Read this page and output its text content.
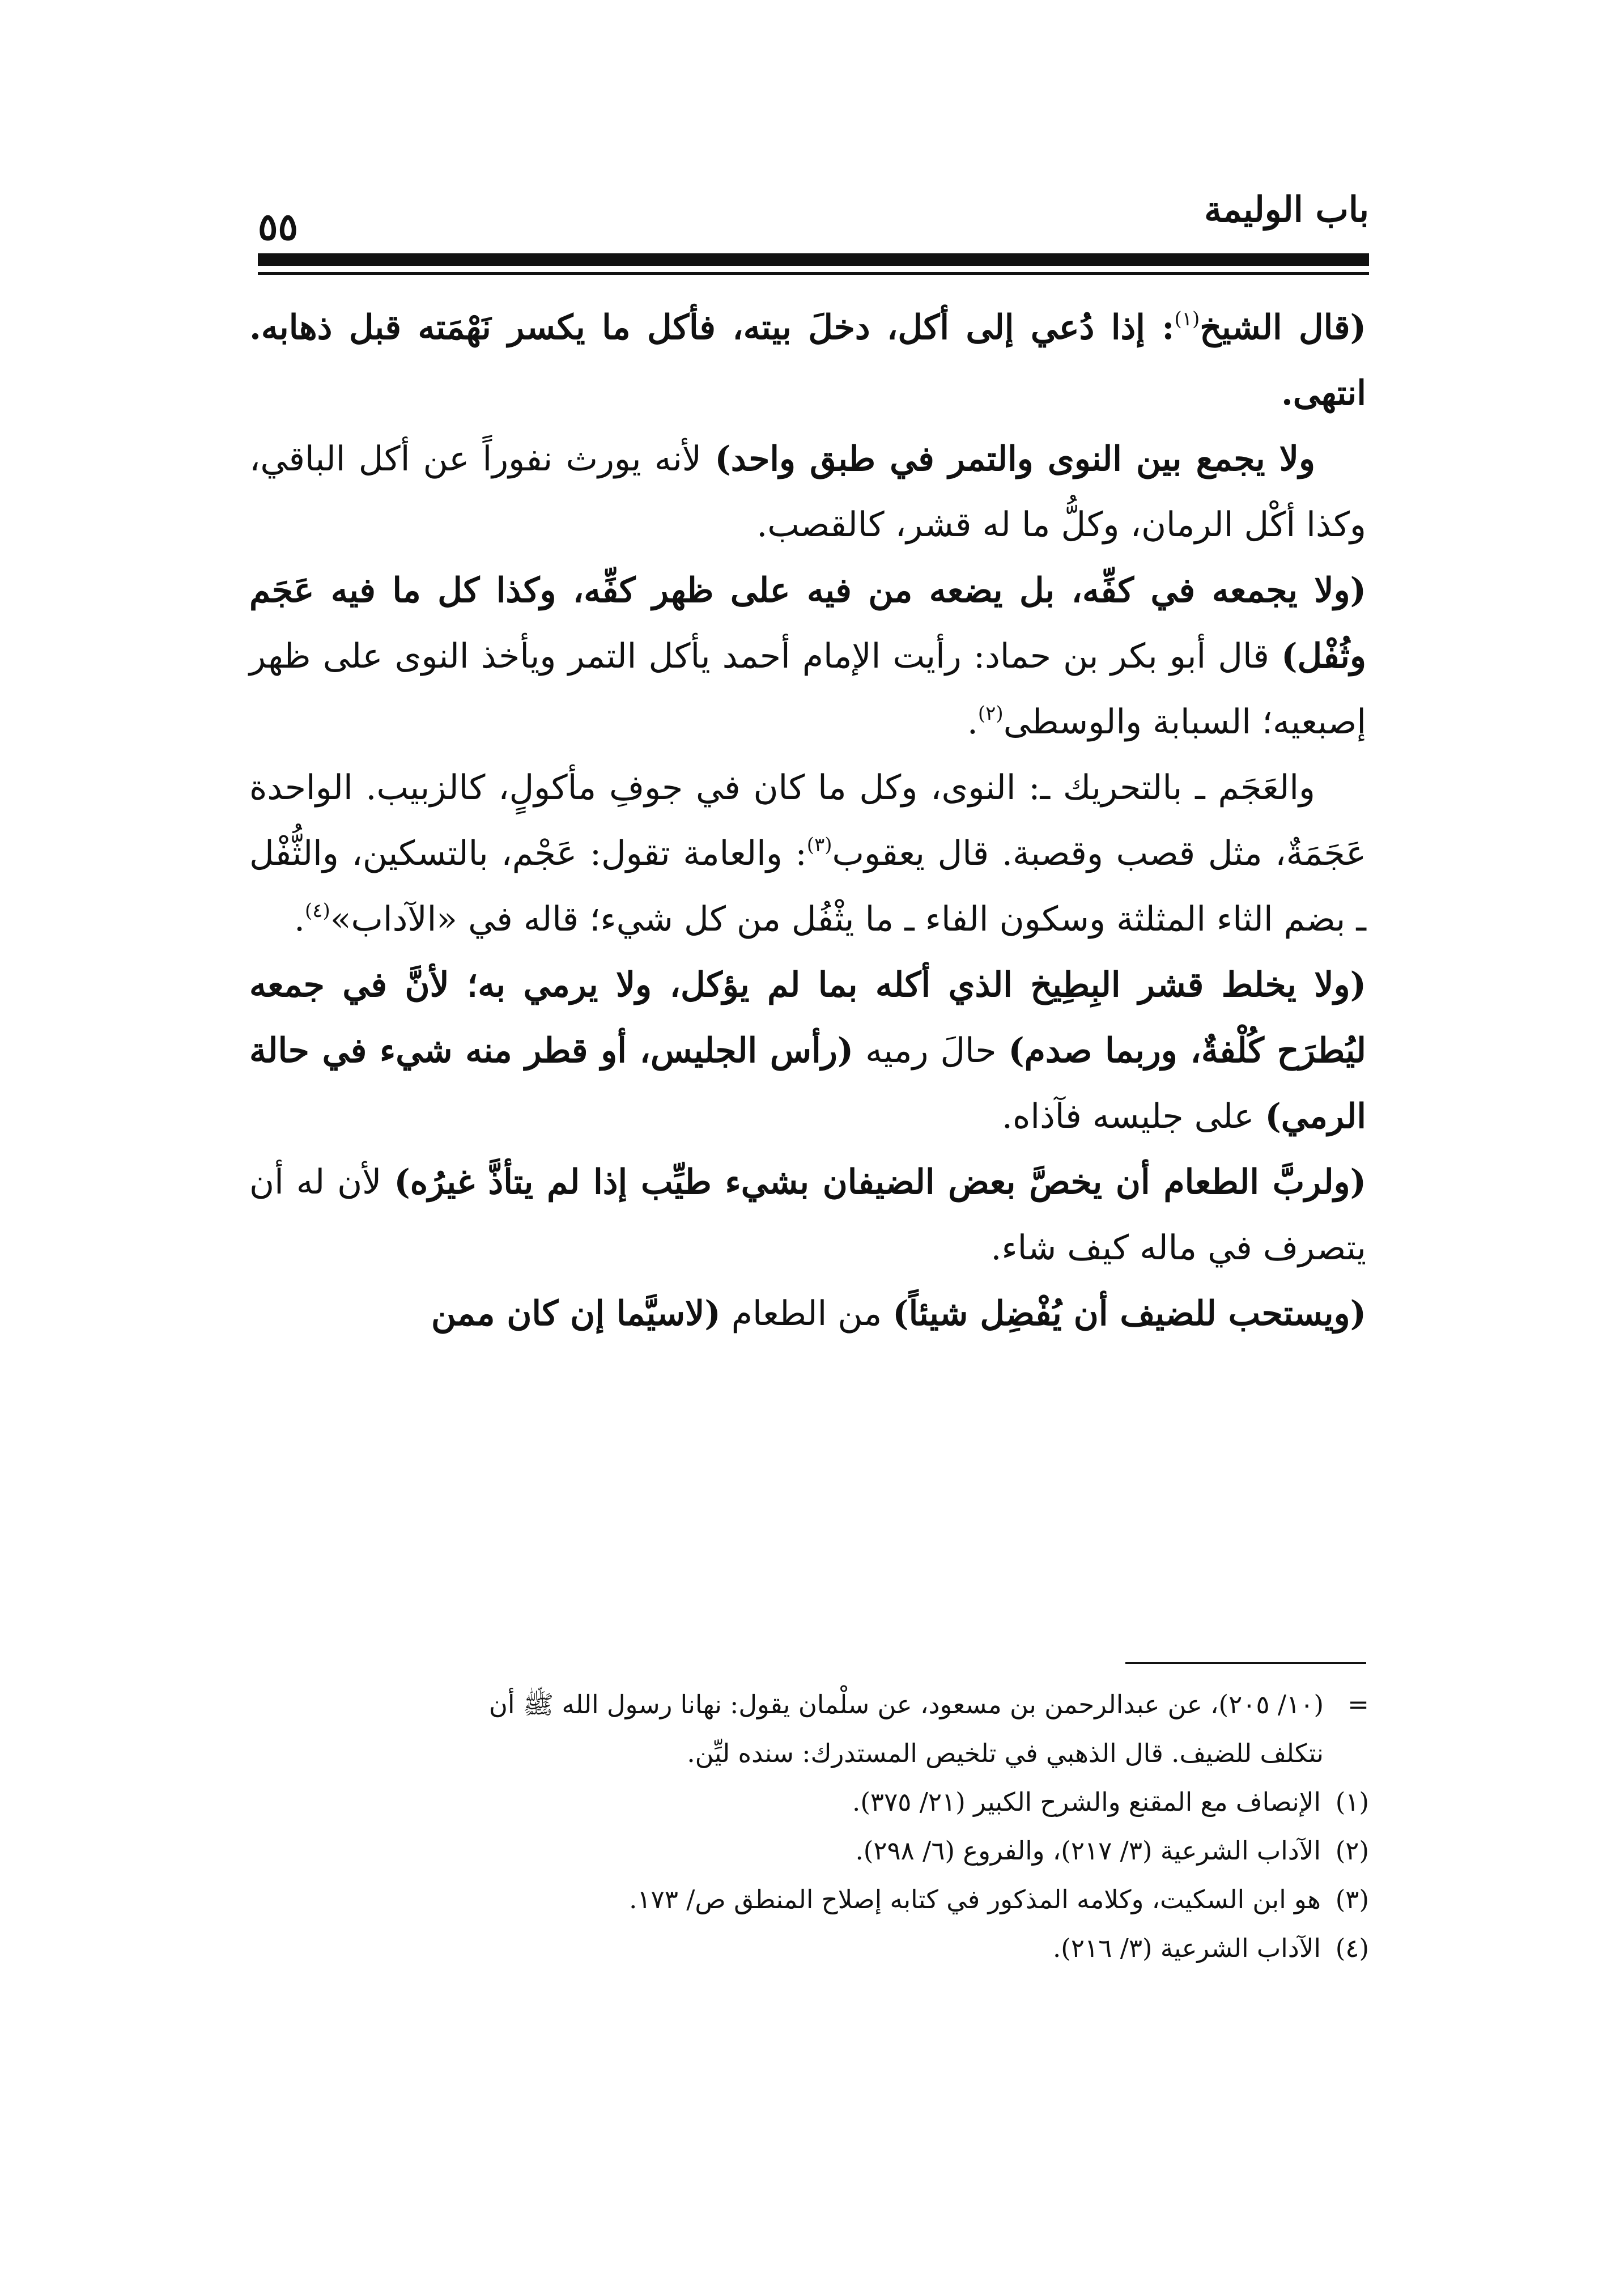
باب الوليمة
٥٥

(قال الشيخ$^{(١)}$: إذا دُعي إلى أكل، دخلَ بيته، فأكل ما يكسر نَهْمَته قبل ذهابه. انتهى.

ولا يجمع بين النوى والتمر في طبق واحد) لأنه يورث نفوراً عن أكل الباقي، وكذا أكْل الرمان، وكلُّ ما له قشر، كالقصب.

(ولا يجمعه في كفِّه، بل يضعه من فيه على ظهر كفِّه، وكذا كل ما فيه عَجَم وثُفْل) قال أبو بكر بن حماد: رأيت الإمام أحمد يأكل التمر ويأخذ النوى على ظهر إصبعيه؛ السبابة والوسطى$^{(٢)}$.

والعَجَم ـ بالتحريك ـ: النوى، وكل ما كان في جوفِ مأكولٍ، كالزبيب. الواحدة عَجَمَةٌ، مثل قصب وقصبة. قال يعقوب$^{(٣)}$: والعامة تقول: عَجْم، بالتسكين، والثُّفْل ـ بضم الثاء المثلثة وسكون الفاء ـ ما يثْفُل من كل شيء؛ قاله في «الآداب»$^{(٤)}$.

(ولا يخلط قشر البِطِيخ الذي أكله بما لم يؤكل، ولا يرمي به؛ لأنَّ في جمعه ليُطرَح كُلْفةٌ، وربما صدم) حالَ رميه (رأس الجليس، أو قطر منه شيء في حالة الرمي) على جليسه فآذاه.

(ولربَّ الطعام أن يخصَّ بعض الضيفان بشيء طيِّب إذا لم يتأذَّ غيرُه) لأن له أن يتصرف في ماله كيف شاء.

(ويستحب للضيف أن يُفْضِل شيئاً) من الطعام (لاسيَّما إن كان ممن

=
(١٠/ ٢٠٥)، عن عبدالرحمن بن مسعود، عن سلْمان يقول: نهانا رسول الله ﷺ أن
نتكلف للضيف. قال الذهبي في تلخيص المستدرك: سنده ليِّن.
(١)
الإنصاف مع المقنع والشرح الكبير (٢١/ ٣٧٥).
(٢)
الآداب الشرعية (٣/ ٢١٧)، والفروع (٦/ ٢٩٨).
(٣)
هو ابن السكيت، وكلامه المذكور في كتابه إصلاح المنطق ص/ ١٧٣.
(٤)
الآداب الشرعية (٣/ ٢١٦).
